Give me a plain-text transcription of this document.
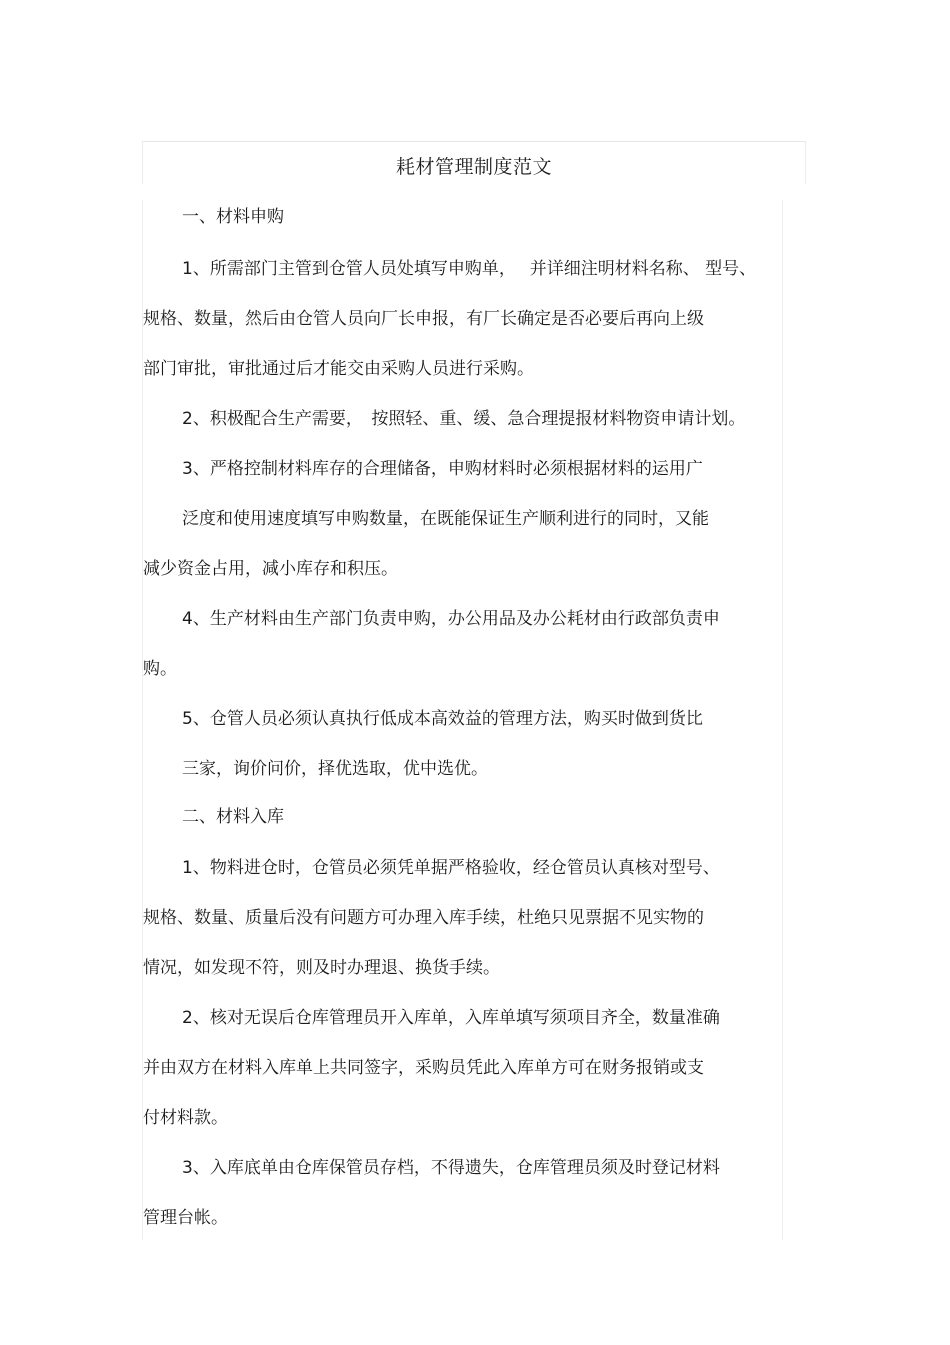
耗材管理制度范文
一、材料申购
1、所需部门主管到仓管人员处填写申购单，　 并详细注明材料名称、 型号、
规格、数量，然后由仓管人员向厂长申报，有厂长确定是否必要后再向上级
部门审批，审批通过后才能交由采购人员进行采购。
2、积极配合生产需要，　按照轻、重、缓、急合理提报材料物资申请计划。
3、严格控制材料库存的合理储备，申购材料时必须根据材料的运用广
泛度和使用速度填写申购数量，在既能保证生产顺利进行的同时，又能
减少资金占用，减小库存和积压。
4、生产材料由生产部门负责申购，办公用品及办公耗材由行政部负责申
购。
5、仓管人员必须认真执行低成本高效益的管理方法，购买时做到货比
三家，询价问价，择优选取，优中选优。
二、材料入库
1、物料进仓时，仓管员必须凭单据严格验收，经仓管员认真核对型号、
规格、数量、质量后没有问题方可办理入库手续，杜绝只见票据不见实物的
情况，如发现不符，则及时办理退、换货手续。
2、核对无误后仓库管理员开入库单，入库单填写须项目齐全，数量准确
并由双方在材料入库单上共同签字，采购员凭此入库单方可在财务报销或支
付材料款。
3、入库底单由仓库保管员存档，不得遗失，仓库管理员须及时登记材料
管理台帐。
